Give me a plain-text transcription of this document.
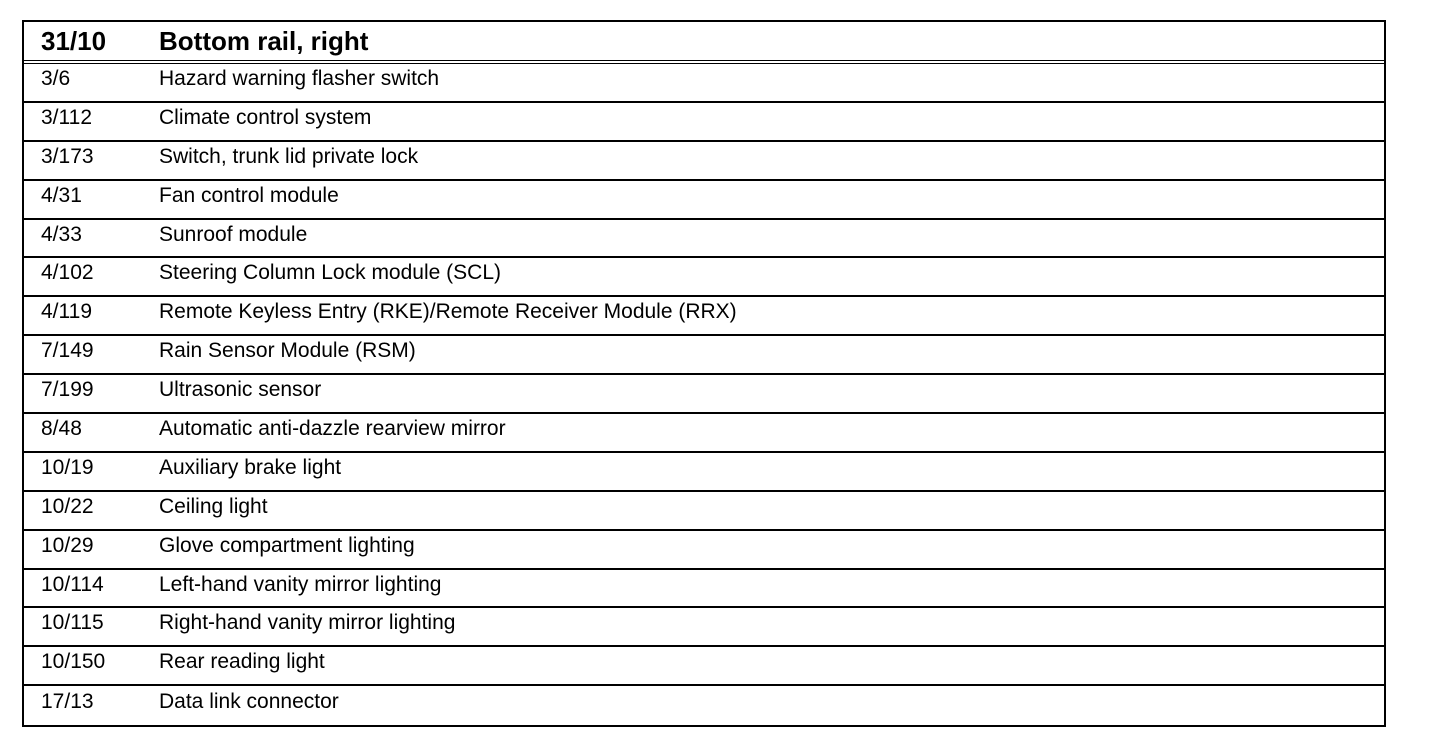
31/10	Bottom rail, right
3/6	Hazard warning flasher switch
3/112	Climate control system
3/173	Switch, trunk lid private lock
4/31	Fan control module
4/33	Sunroof module
4/102	Steering Column Lock module (SCL)
4/119	Remote Keyless Entry (RKE)/Remote Receiver Module (RRX)
7/149	Rain Sensor Module (RSM)
7/199	Ultrasonic sensor
8/48	Automatic anti-dazzle rearview mirror
10/19	Auxiliary brake light
10/22	Ceiling light
10/29	Glove compartment lighting
10/114	Left-hand vanity mirror lighting
10/115	Right-hand vanity mirror lighting
10/150	Rear reading light
17/13	Data link connector
